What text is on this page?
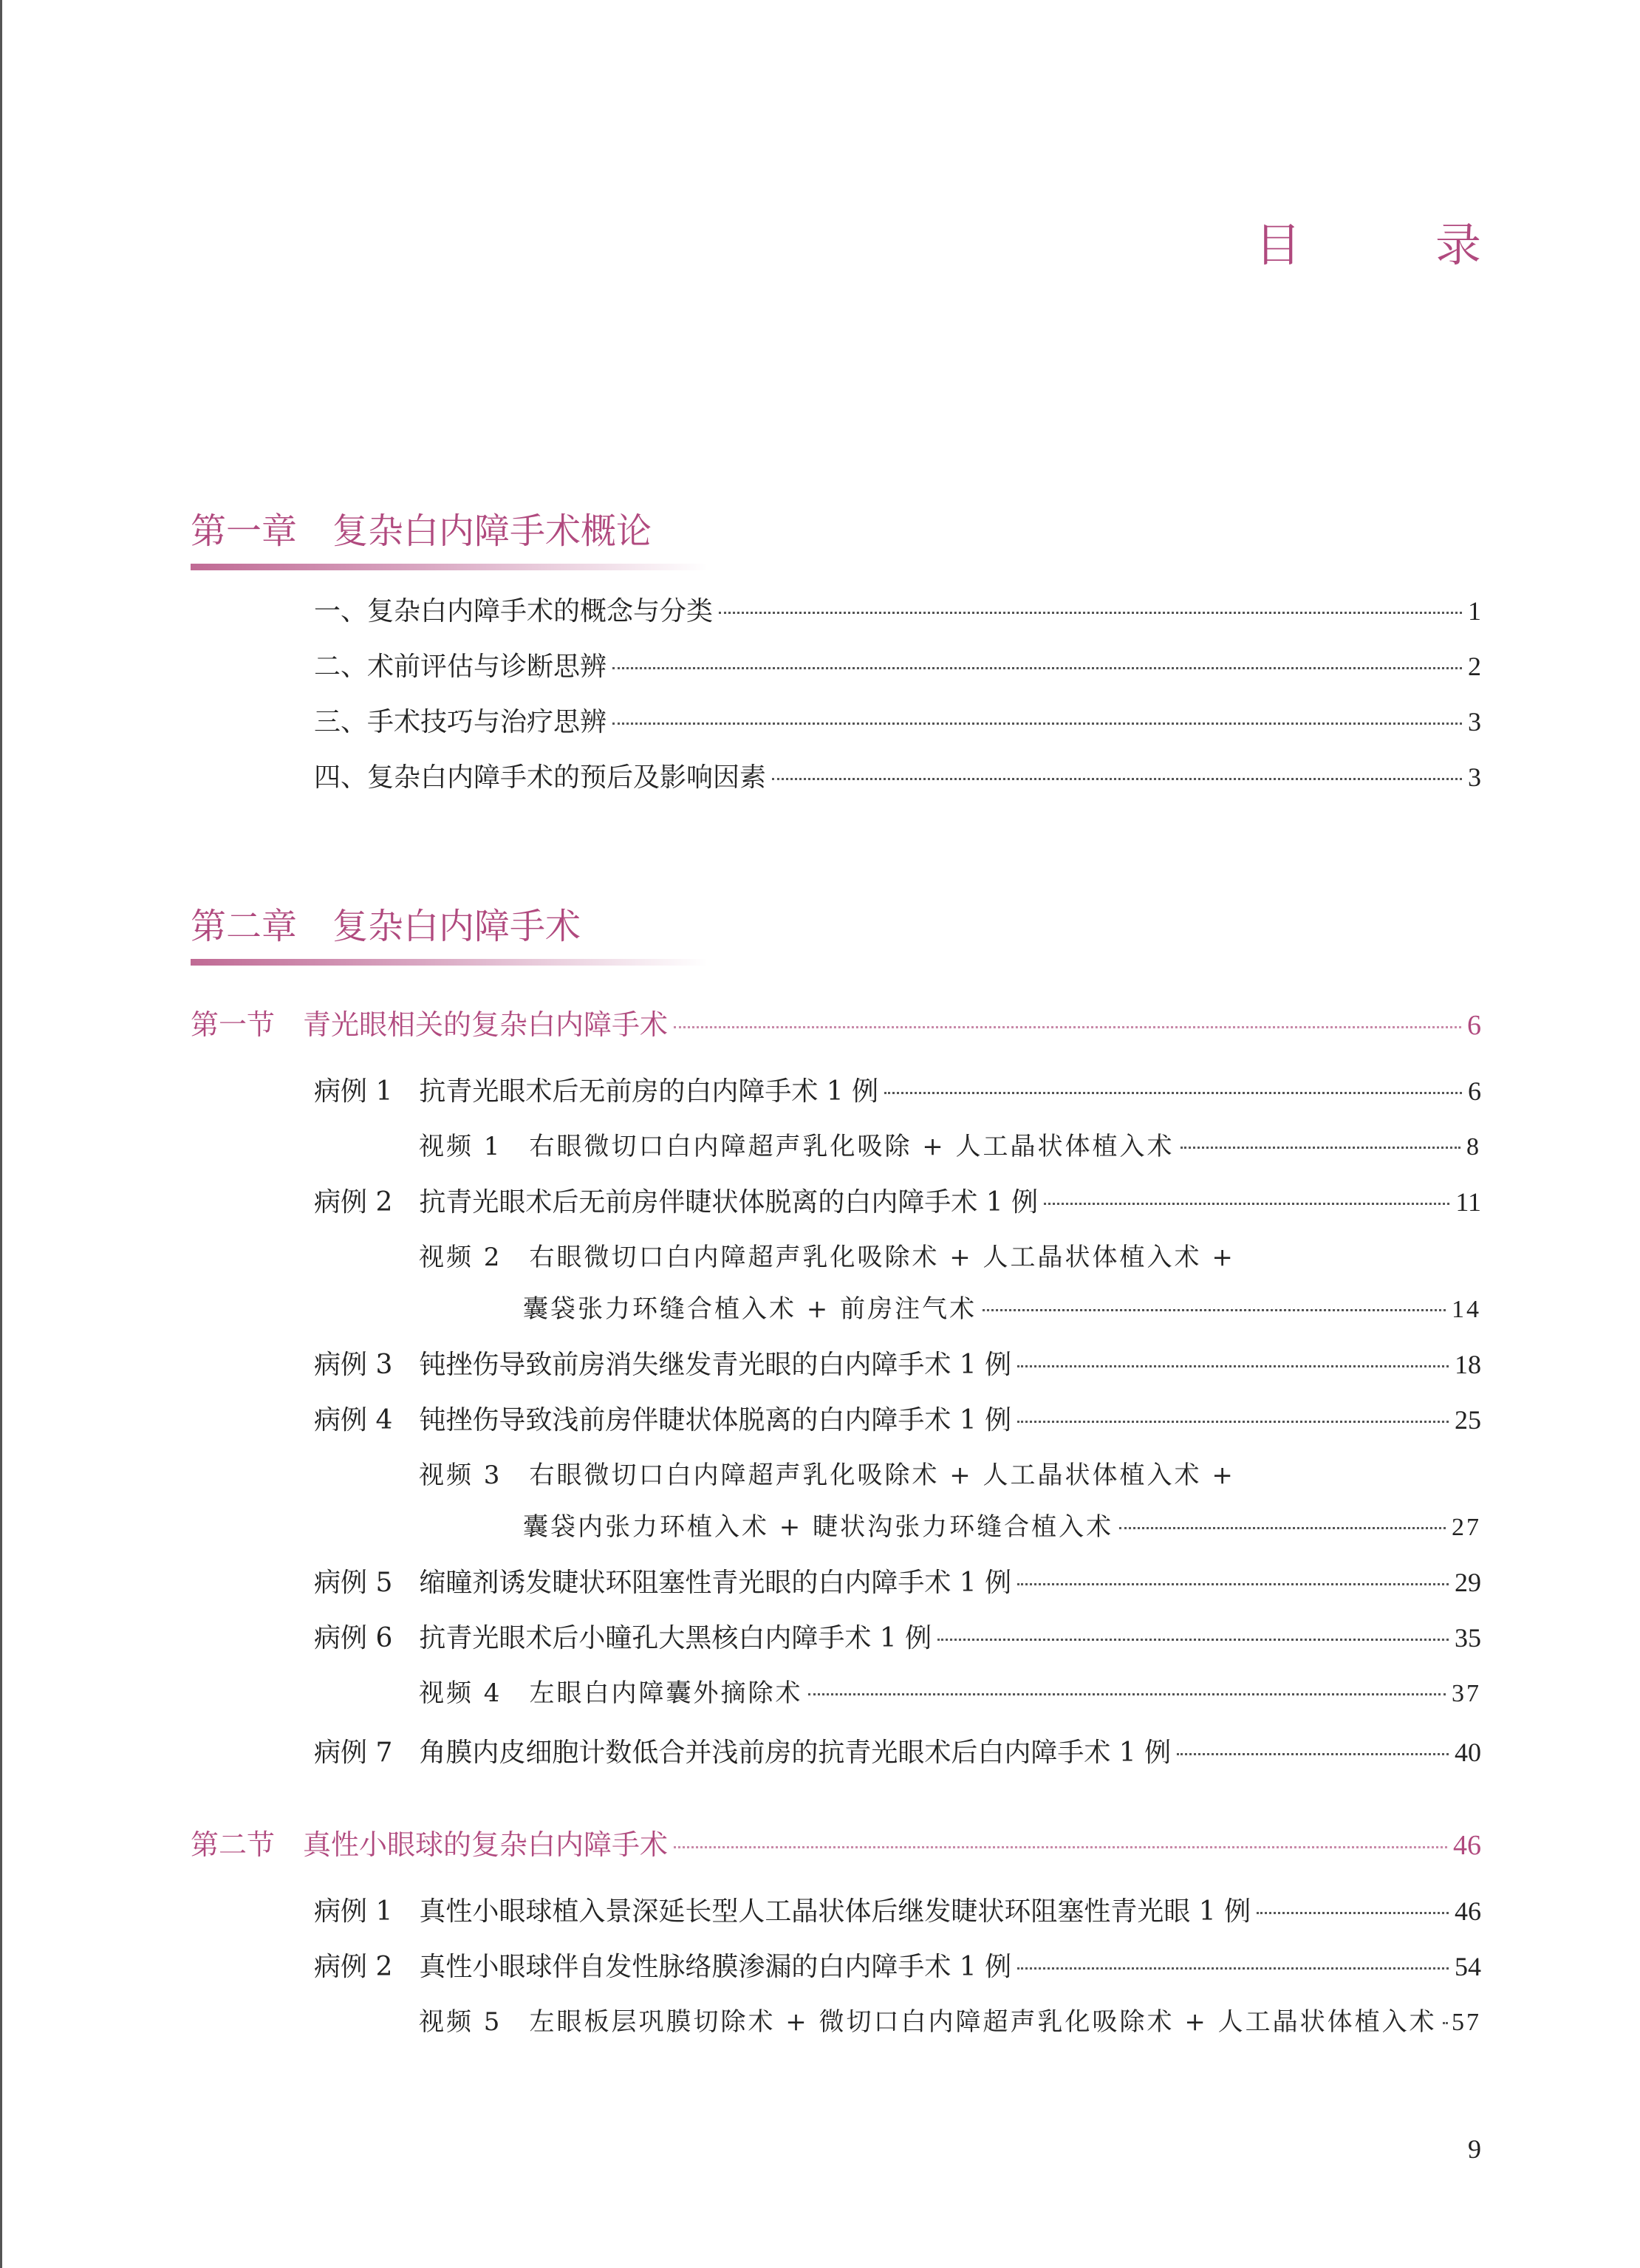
目　录
第一章　复杂白内障手术概论
一、复杂白内障手术的概念与分类	1
二、术前评估与诊断思辨	2
三、手术技巧与治疗思辨	3
四、复杂白内障手术的预后及影响因素	3
第二章　复杂白内障手术
第一节　青光眼相关的复杂白内障手术	6
病例 1　抗青光眼术后无前房的白内障手术 1 例	6
视频 1　右眼微切口白内障超声乳化吸除 + 人工晶状体植入术	8
病例 2　抗青光眼术后无前房伴睫状体脱离的白内障手术 1 例	11
视频 2　右眼微切口白内障超声乳化吸除术 + 人工晶状体植入术 +
囊袋张力环缝合植入术 + 前房注气术	14
病例 3　钝挫伤导致前房消失继发青光眼的白内障手术 1 例	18
病例 4　钝挫伤导致浅前房伴睫状体脱离的白内障手术 1 例	25
视频 3　右眼微切口白内障超声乳化吸除术 + 人工晶状体植入术 +
囊袋内张力环植入术 + 睫状沟张力环缝合植入术	27
病例 5　缩瞳剂诱发睫状环阻塞性青光眼的白内障手术 1 例	29
病例 6　抗青光眼术后小瞳孔大黑核白内障手术 1 例	35
视频 4　左眼白内障囊外摘除术	37
病例 7　角膜内皮细胞计数低合并浅前房的抗青光眼术后白内障手术 1 例	40
第二节　真性小眼球的复杂白内障手术	46
病例 1　真性小眼球植入景深延长型人工晶状体后继发睫状环阻塞性青光眼 1 例	46
病例 2　真性小眼球伴自发性脉络膜渗漏的白内障手术 1 例	54
视频 5　左眼板层巩膜切除术 + 微切口白内障超声乳化吸除术 + 人工晶状体植入术 57
9
